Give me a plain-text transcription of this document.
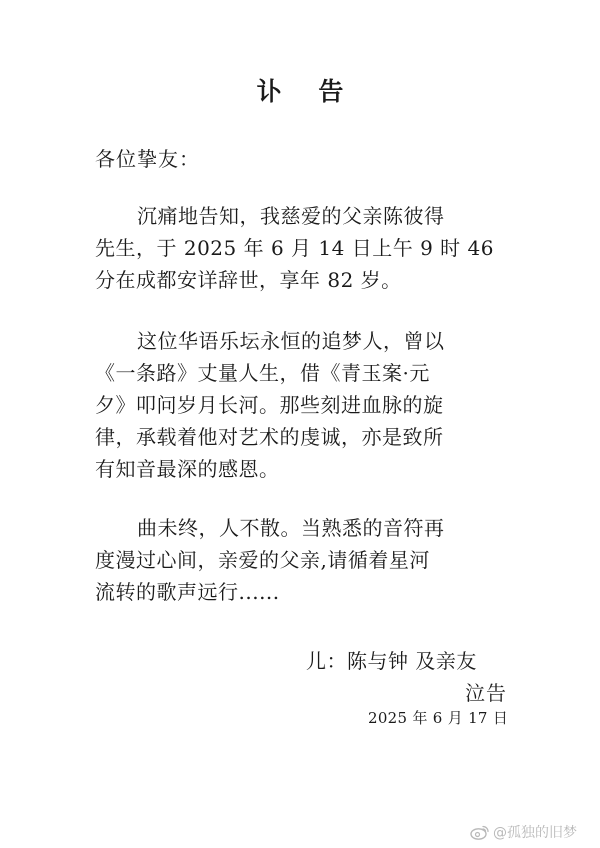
讣 告
各位挚友：
沉痛地告知，我慈爱的父亲陈彼得
先生，于 2025 年 6 月 14 日上午 9 时 46
分在成都安详辞世，享年 82 岁。
这位华语乐坛永恒的追梦人，曾以
《一条路》丈量人生，借《青玉案·元
夕》叩问岁月长河。那些刻进血脉的旋
律，承载着他对艺术的虔诚，亦是致所
有知音最深的感恩。
曲未终，人不散。当熟悉的音符再
度漫过心间，亲爱的父亲,请循着星河
流转的歌声远行......
儿：陈与钟 及亲友
泣告
2025 年 6 月 17 日
@孤独的旧梦
